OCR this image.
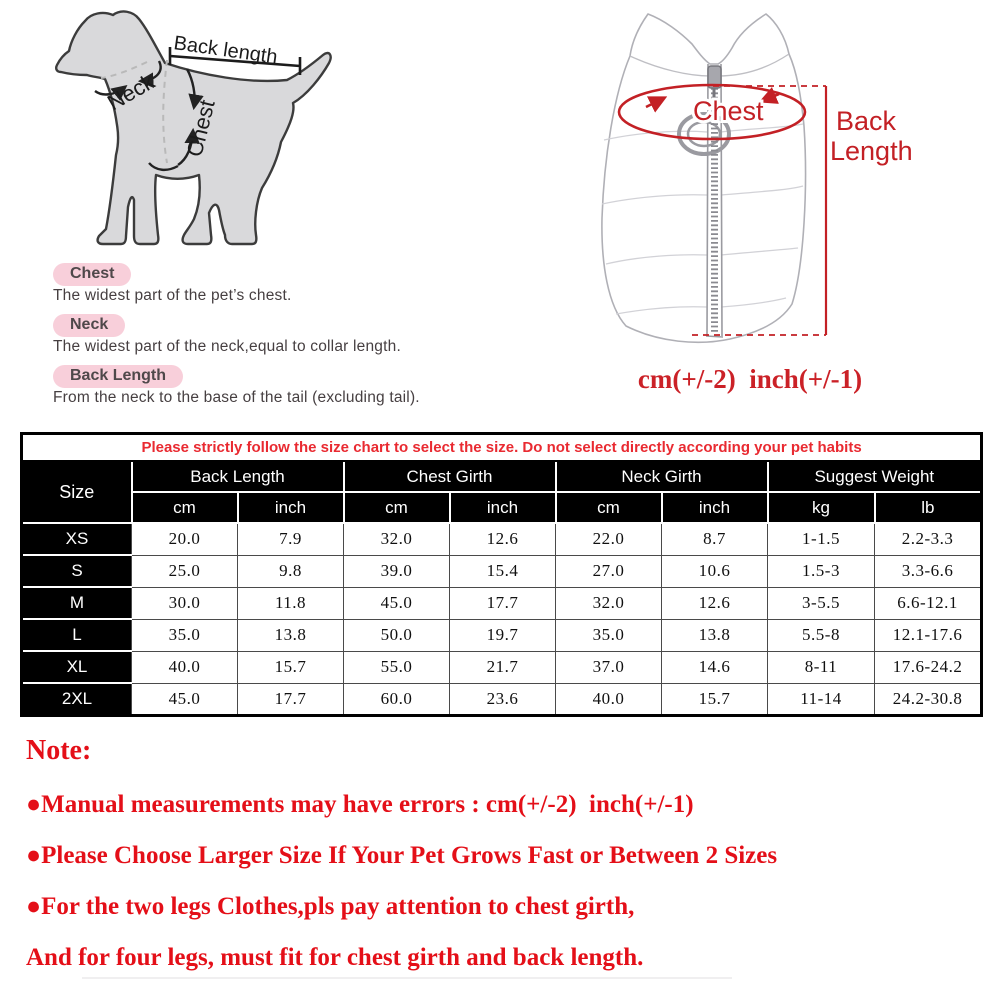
Back length
Neck
Chest	Chest	Back
Length
cm(+/-2)  inch(+/-1)
Chest
The widest part of the pet’s chest.
Neck
The widest part of the neck,equal to collar length.
Back Length
From the neck to the base of the tail (excluding tail).
Please strictly follow the size chart to select the size. Do not select directly according your pet habits								
Size	Back Length		Chest Girth		Neck Girth		Suggest Weight	
	cm	inch	cm	inch	cm	inch	kg	lb
XS	20.0	7.9	32.0	12.6	22.0	8.7	1-1.5	2.2-3.3
S	25.0	9.8	39.0	15.4	27.0	10.6	1.5-3	3.3-6.6
M	30.0	11.8	45.0	17.7	32.0	12.6	3-5.5	6.6-12.1
L	35.0	13.8	50.0	19.7	35.0	13.8	5.5-8	12.1-17.6
XL	40.0	15.7	55.0	21.7	37.0	14.6	8-11	17.6-24.2
2XL	45.0	17.7	60.0	23.6	40.0	15.7	11-14	24.2-30.8

Note:

●Manual measurements may have errors : cm(+/-2)  inch(+/-1)

●Please Choose Larger Size If Your Pet Grows Fast or Between 2 Sizes

●For the two legs Clothes,pls pay attention to chest girth,

And for four legs, must fit for chest girth and back length.
